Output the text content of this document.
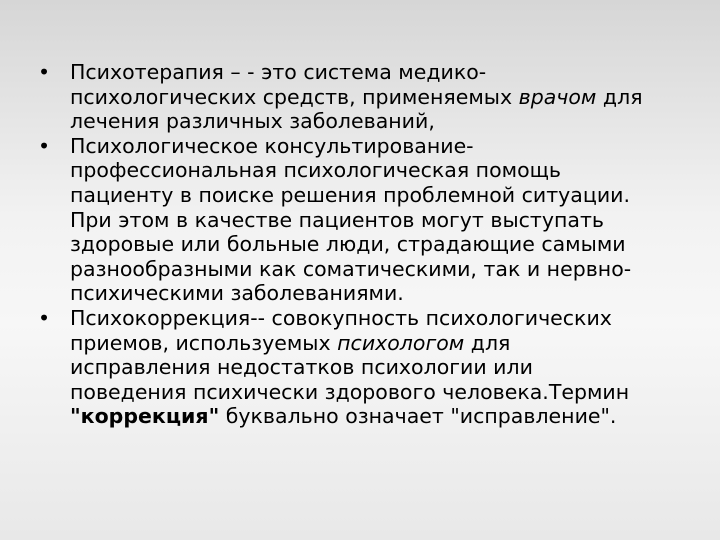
• Психотерапия – - это система медико-
психологических средств, применяемых врачом для
лечения различных заболеваний,
• Психологическое консультирование-
профессиональная психологическая помощь
пациенту в поиске решения проблемной ситуации.
При этом в качестве пациентов могут выступать
здоровые или больные люди, страдающие самыми
разнообразными как соматическими, так и нервно-
психическими заболеваниями.
• Психокоррекция-- совокупность психологических
приемов, используемых психологом для
исправления недостатков психологии или
поведения психически здорового человека.Термин
"коррекция" буквально означает "исправление".
